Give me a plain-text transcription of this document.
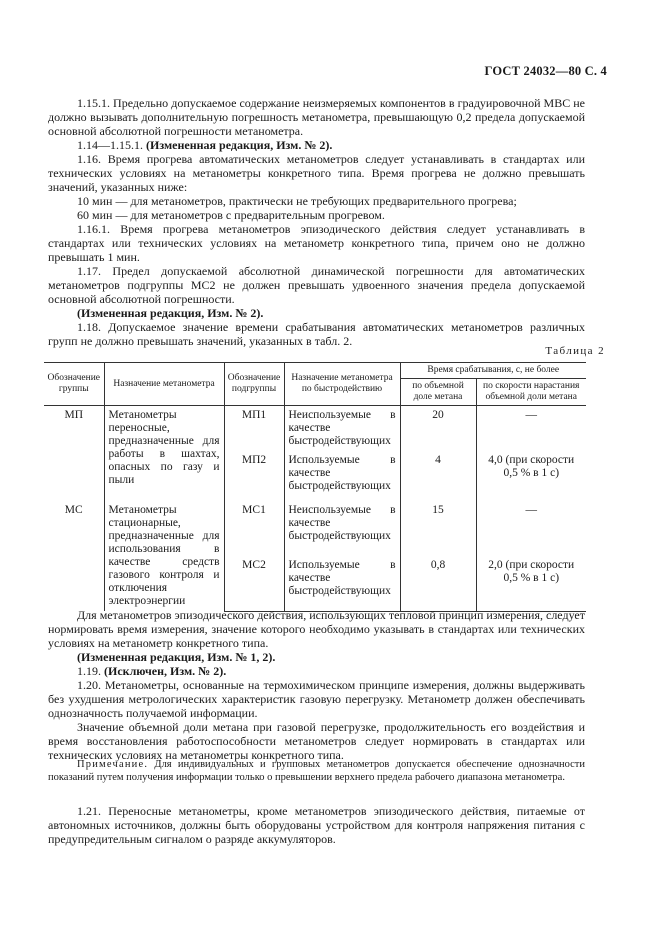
ГОСТ 24032—80 С. 4

1.15.1. Предельно допускаемое содержание неизмеряемых компонентов в градуировочной МВС не должно вызывать дополнительную погрешность метанометра, превышающую 0,2 предела допускаемой основной абсолютной погрешности метанометра.

1.14—1.15.1. (Измененная редакция, Изм. № 2).

1.16. Время прогрева автоматических метанометров следует устанавливать в стандартах или технических условиях на метанометры конкретного типа. Время прогрева не должно превышать значений, указанных ниже:

10 мин — для метанометров, практически не требующих предварительного прогрева;

60 мин — для метанометров с предварительным прогревом.

1.16.1. Время прогрева метанометров эпизодического действия следует устанавливать в стандартах или технических условиях на метанометр конкретного типа, причем оно не должно превышать 1 мин.

1.17. Предел допускаемой абсолютной динамической погрешности для автоматических метанометров подгруппы МС2 не должен превышать удвоенного значения предела допускаемой основной абсолютной погрешности.

(Измененная редакция, Изм. № 2).

1.18. Допускаемое значение времени срабатывания автоматических метанометров различных групп не должно превышать значений, указанных в табл. 2.

Таблица 2
Обозначение группы	Назначение метанометра	Обозначение подгруппы	Назначение метанометра по быстродействию	Время срабатывания, с, не более	
				по объемной доле метана	по скорости нарастания объемной доли метана
МП	Метанометры переносные, предназначенные для работы в шахтах, опасных по газу и пыли	МП1	Неиспользуемые в качестве быстродействующих	20	—
		МП2	Используемые в качестве быстродействующих	4	4,0 (при скорости 0,5 % в 1 с)
МС	Метанометры стационарные, предназначенные для использования в качестве средств газового контроля и отключения электроэнергии	МС1	Неиспользуемые в качестве быстродействующих	15	—
		МС2	Используемые в качестве быстродействующих	0,8	2,0 (при скорости 0,5 % в 1 с)

Для метанометров эпизодического действия, использующих тепловой принцип измерения, следует нормировать время измерения, значение которого необходимо указывать в стандартах или технических условиях на метанометр конкретного типа.

(Измененная редакция, Изм. № 1, 2).

1.19. (Исключен, Изм. № 2).

1.20. Метанометры, основанные на термохимическом принципе измерения, должны выдерживать без ухудшения метрологических характеристик газовую перегрузку. Метанометр должен обеспечивать однозначность получаемой информации.

Значение объемной доли метана при газовой перегрузке, продолжительность его воздействия и время восстановления работоспособности метанометров следует нормировать в стандартах или технических условиях на метанометры конкретного типа.

Примечание. Для индивидуальных и групповых метанометров допускается обеспечение однозначности показаний путем получения информации только о превышении верхнего предела рабочего диапазона метанометра.

1.21. Переносные метанометры, кроме метанометров эпизодического действия, питаемые от автономных источников, должны быть оборудованы устройством для контроля напряжения питания с предупредительным сигналом о разряде аккумуляторов.
